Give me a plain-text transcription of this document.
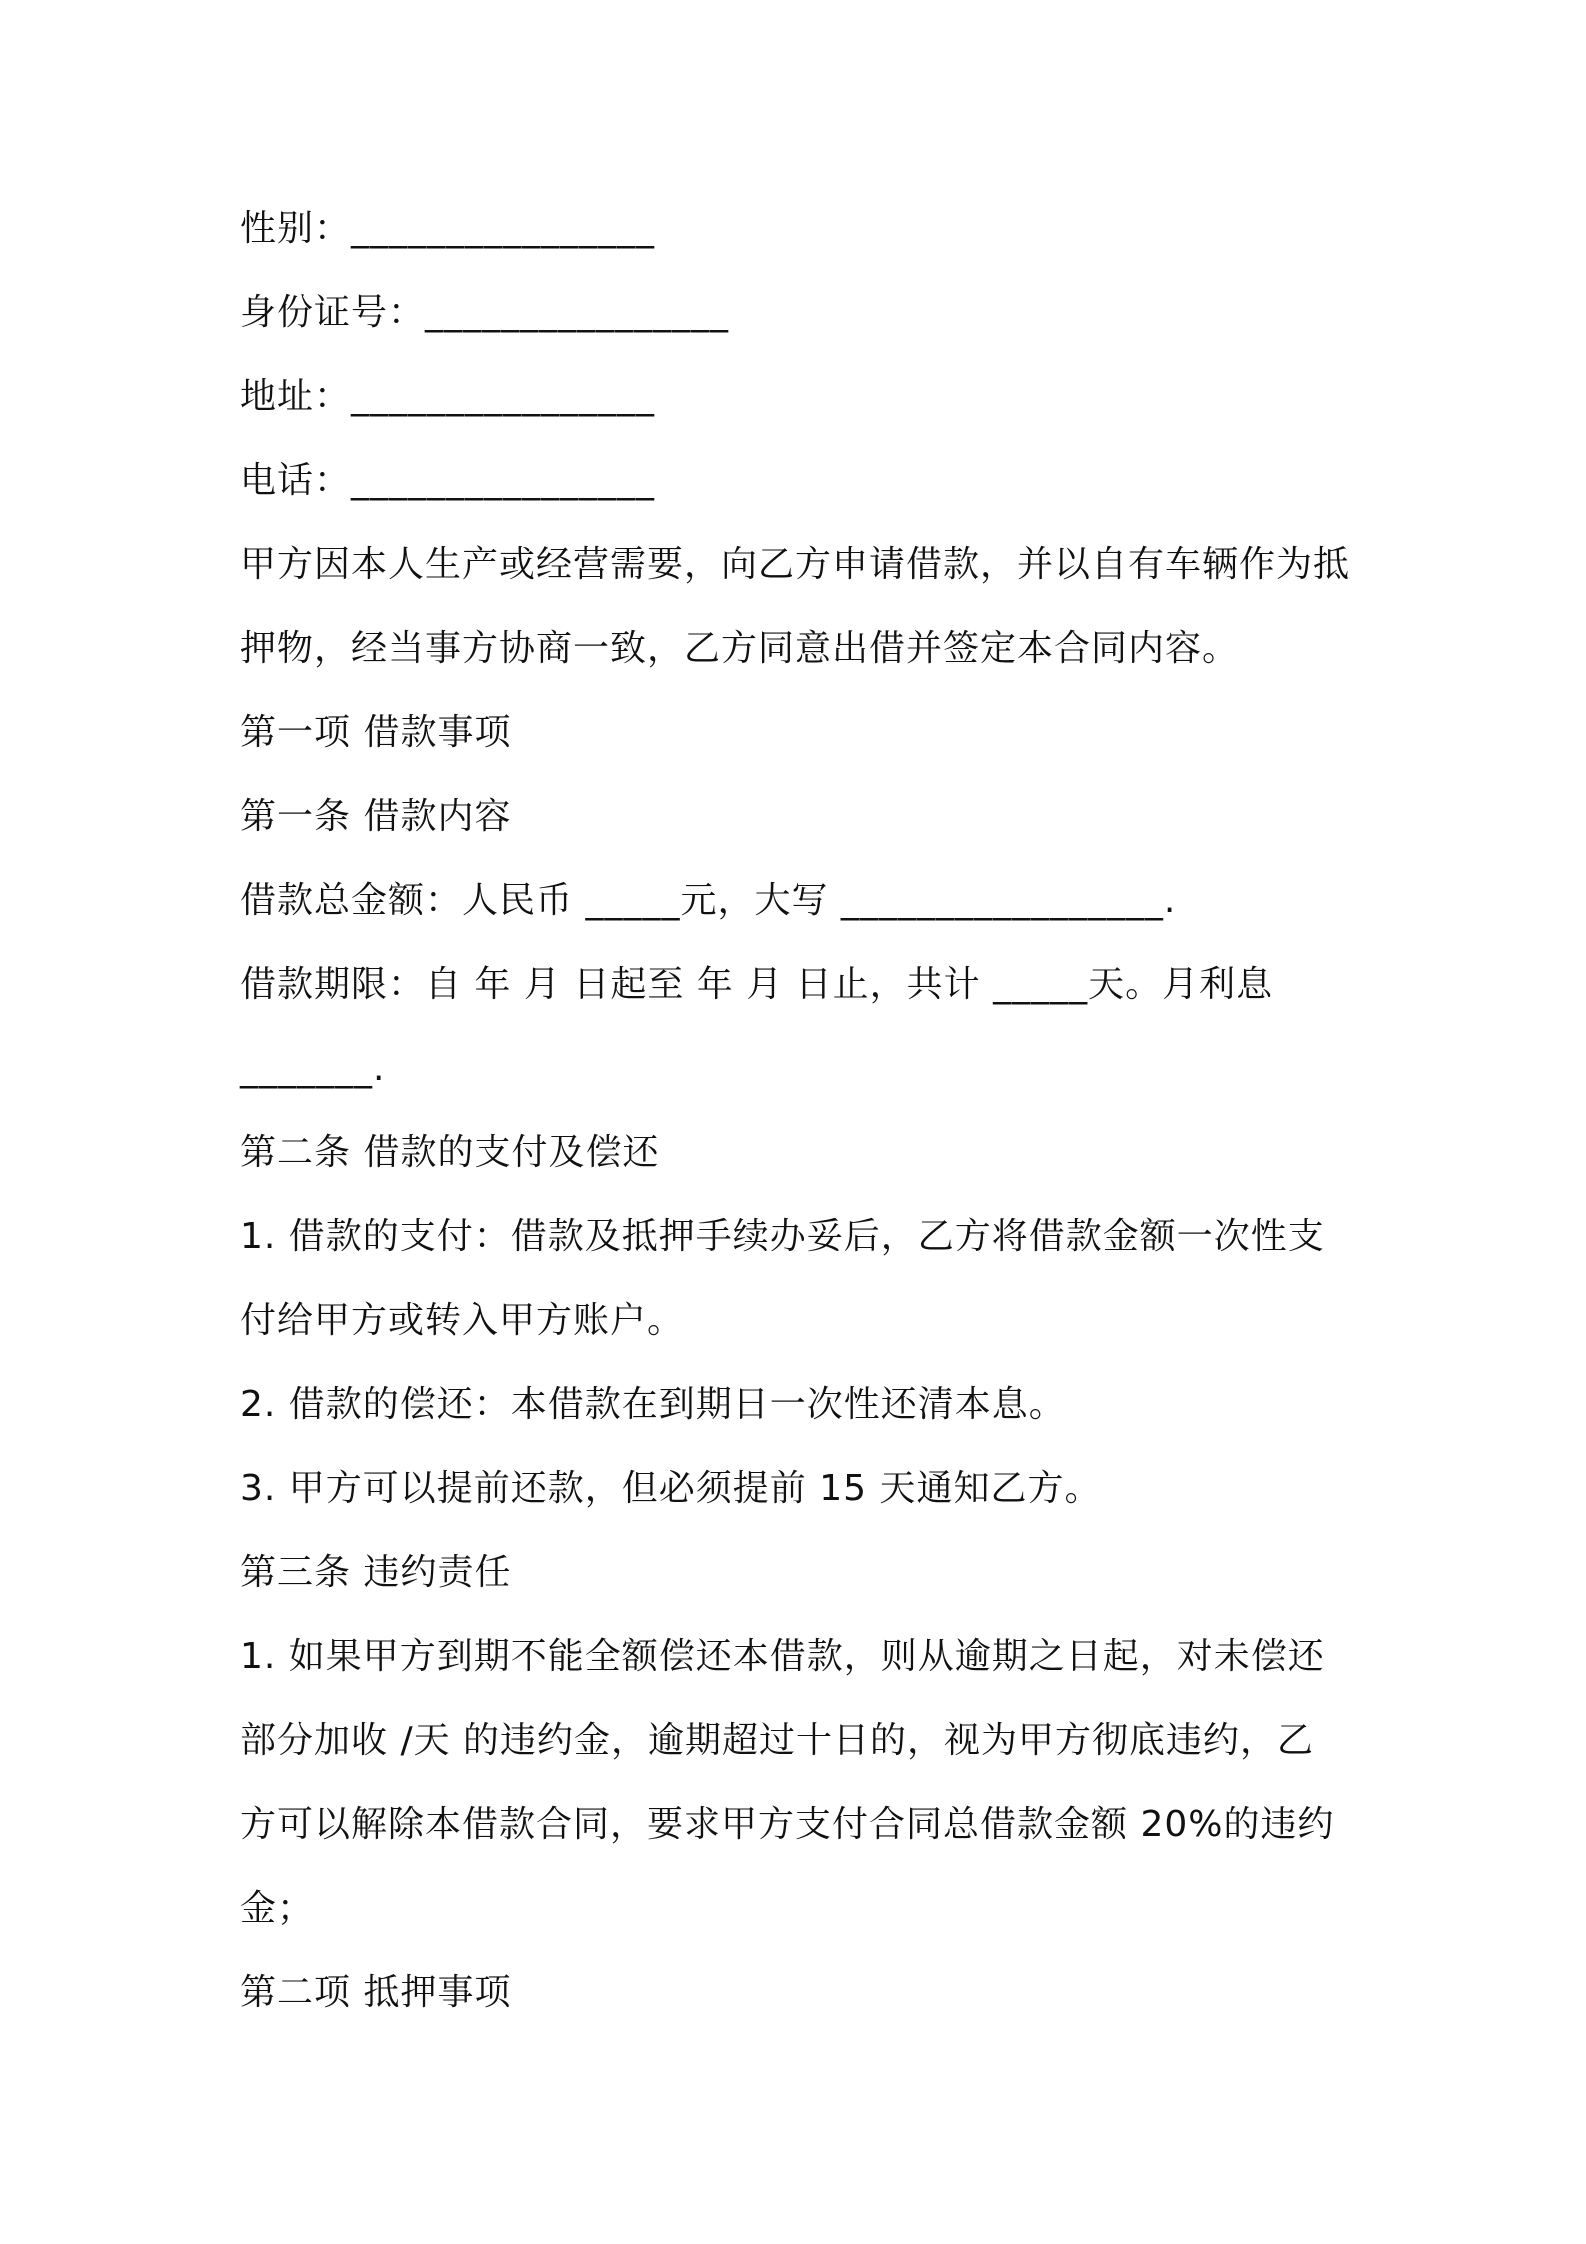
性别：________________
身份证号：________________
地址：________________
电话：________________
甲方因本人生产或经营需要，向乙方申请借款，并以自有车辆作为抵
押物，经当事方协商一致，乙方同意出借并签定本合同内容。
第一项 借款事项
第一条 借款内容
借款总金额：人民币 _____元，大写 _________________.
借款期限：自 年 月 日起至 年 月 日止，共计 _____天。月利息
_______.
第二条 借款的支付及偿还
1. 借款的支付：借款及抵押手续办妥后，乙方将借款金额一次性支
付给甲方或转入甲方账户。
2. 借款的偿还：本借款在到期日一次性还清本息。
3. 甲方可以提前还款，但必须提前 15 天通知乙方。
第三条 违约责任
1. 如果甲方到期不能全额偿还本借款，则从逾期之日起，对未偿还
部分加收 /天 的违约金，逾期超过十日的，视为甲方彻底违约，乙
方可以解除本借款合同，要求甲方支付合同总借款金额 20%的违约
金；
第二项 抵押事项
